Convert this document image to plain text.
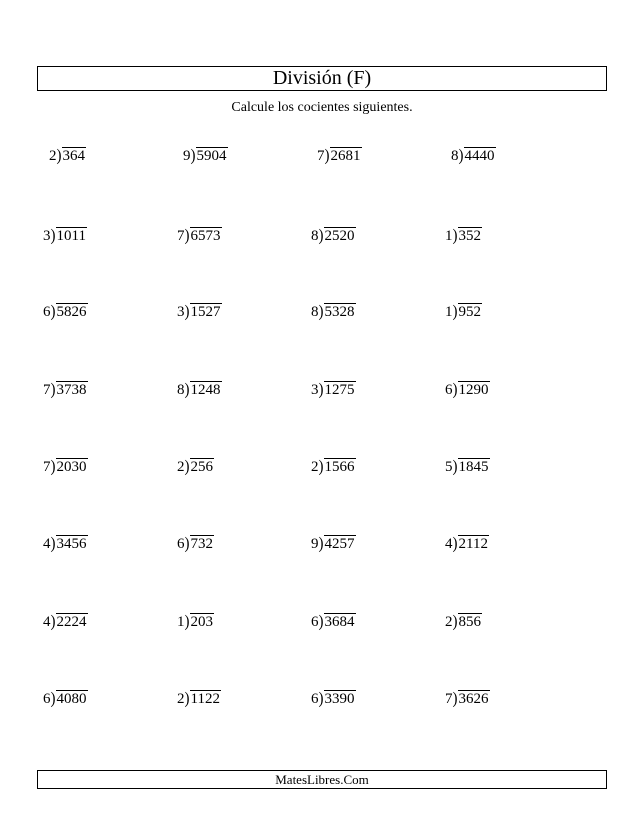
División (F)
Calcule los cocientes siguientes.
2)364	9)5904	7)2681	8)4440
3)1011	7)6573	8)2520	1)352
6)5826	3)1527	8)5328	1)952
7)3738	8)1248	3)1275	6)1290
7)2030	2)256	2)1566	5)1845
4)3456	6)732	9)4257	4)2112
4)2224	1)203	6)3684	2)856
6)4080	2)1122	6)3390	7)3626
MatesLibres.Com
